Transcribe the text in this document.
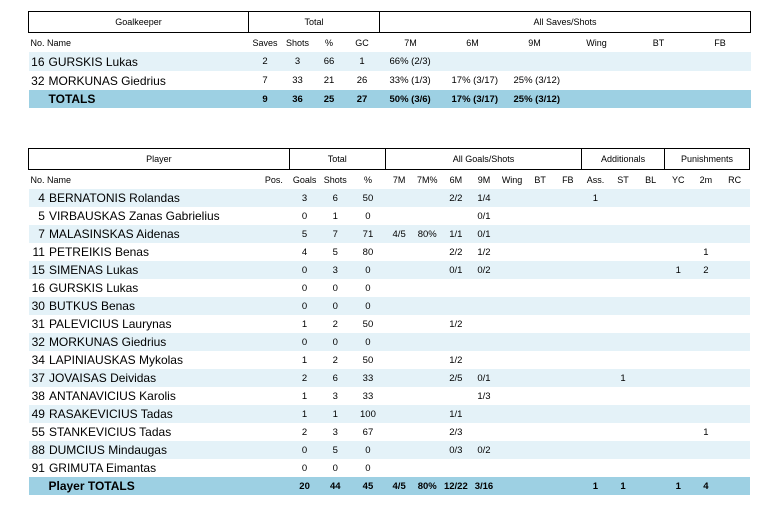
Goalkeeper		Total				All Saves/Shots					
No. Name		Saves	Shots	%	GC	7M	6M	9M	Wing	BT	FB
16	GURSKIS Lukas	2	3	66	1	66% (2/3)					
32	MORKUNAS Giedrius	7	33	21	26	33% (1/3)	17% (3/17)	25% (3/12)			
TOTALS		9	36	25	27	50% (3/6)	17% (3/17)	25% (3/12)			
Player			Total			All Goals/Shots							Additionals			Punishments		
No. Name		Pos.	Goals	Shots	%	7M	7M%	6M	9M	Wing	BT	FB	Ass.	ST	BL	YC	2m	RC
4	BERNATONIS Rolandas		3	6	50			2/2	1/4				1					
5	VIRBAUSKAS Zanas Gabrielius		0	1	0				0/1									
7	MALASINSKAS Aidenas		5	7	71	4/5	80%	1/1	0/1									
11	PETREIKIS Benas		4	5	80			2/2	1/2								1	
15	SIMENAS Lukas		0	3	0			0/1	0/2							1	2	
16	GURSKIS Lukas		0	0	0													
30	BUTKUS Benas		0	0	0													
31	PALEVICIUS Laurynas		1	2	50			1/2										
32	MORKUNAS Giedrius		0	0	0													
34	LAPINIAUSKAS Mykolas		1	2	50			1/2										
37	JOVAISAS Deividas		2	6	33			2/5	0/1					1				
38	ANTANAVICIUS Karolis		1	3	33				1/3									
49	RASAKEVICIUS Tadas		1	1	100			1/1										
55	STANKEVICIUS Tadas		2	3	67			2/3									1	
88	DUMCIUS Mindaugas		0	5	0			0/3	0/2									
91	GRIMUTA Eimantas		0	0	0													
Player TOTALS			20	44	45	4/5	80%	12/22	3/16				1	1		1	4	
